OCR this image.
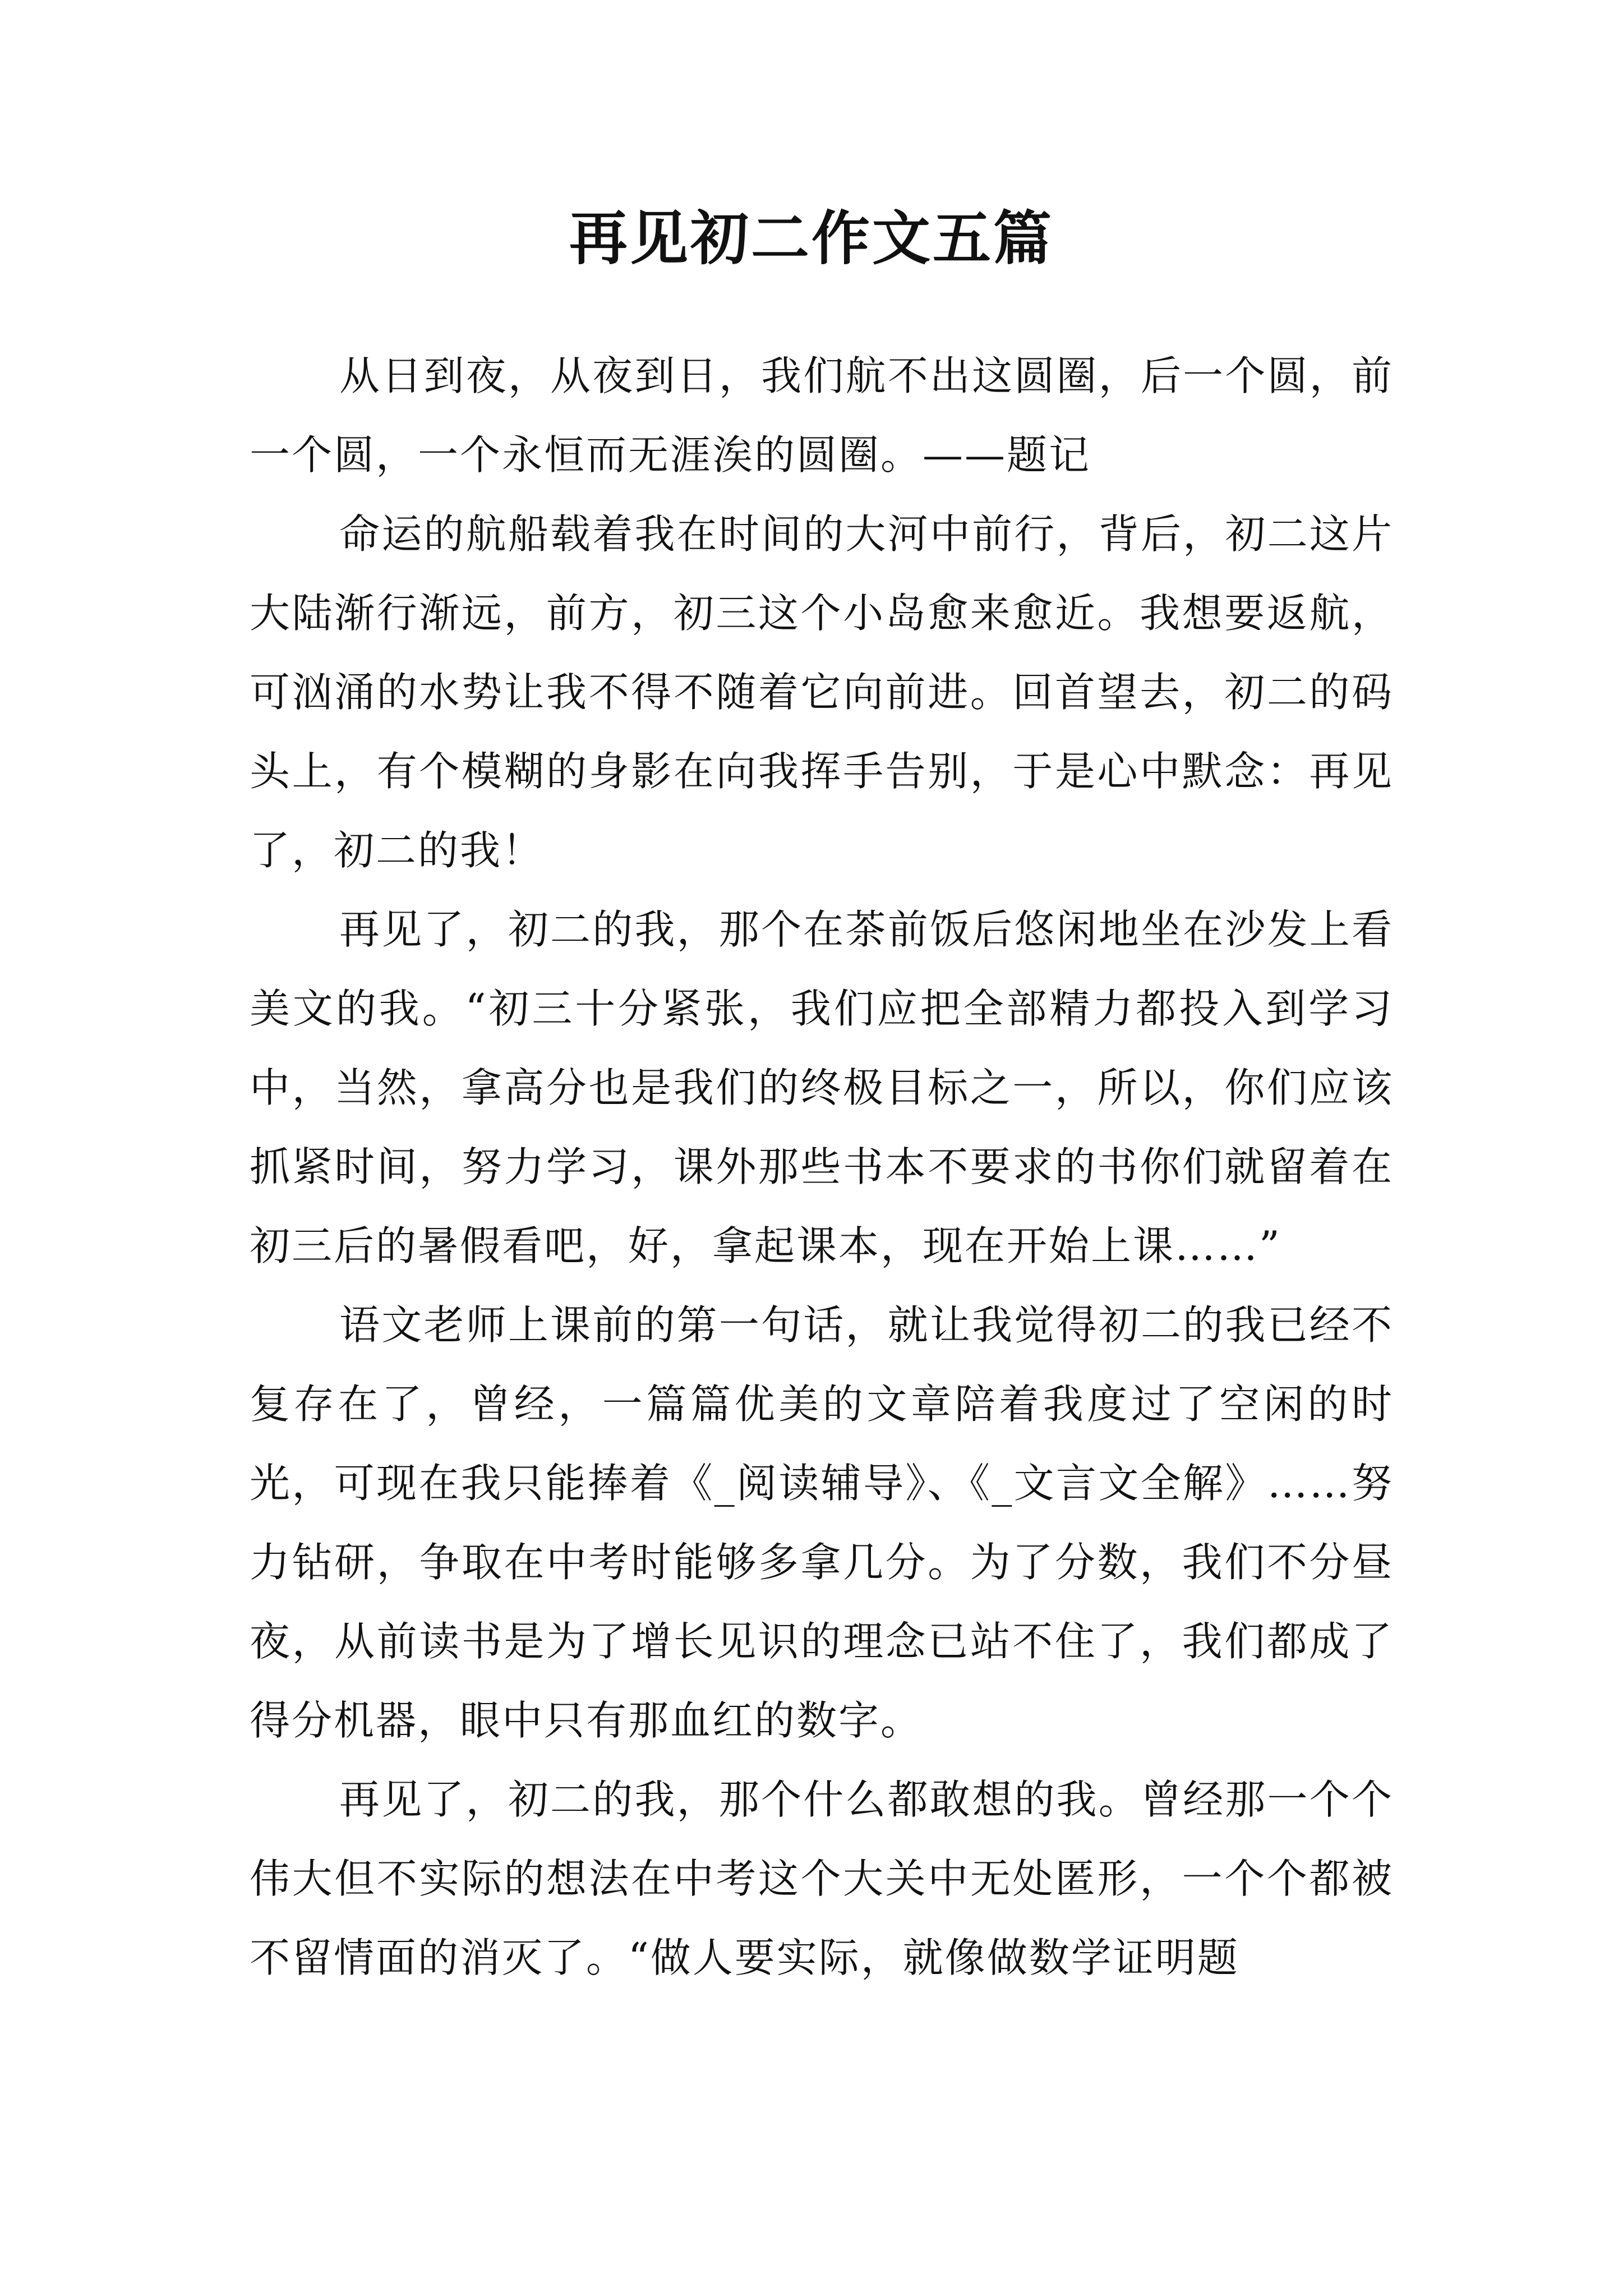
再见初二作文五篇

从日到夜，从夜到日，我们航不出这圆圈，后一个圆，前一个圆，一个永恒而无涯涘的圆圈。——题记

命运的航船载着我在时间的大河中前行，背后，初二这片大陆渐行渐远，前方，初三这个小岛愈来愈近。我想要返航，可汹涌的水势让我不得不随着它向前进。回首望去，初二的码头上，有个模糊的身影在向我挥手告别，于是心中默念：再见了，初二的我！

再见了，初二的我，那个在茶前饭后悠闲地坐在沙发上看美文的我。“初三十分紧张，我们应把全部精力都投入到学习中，当然，拿高分也是我们的终极目标之一，所以，你们应该抓紧时间，努力学习，课外那些书本不要求的书你们就留着在初三后的暑假看吧，好，拿起课本，现在开始上课……”

语文老师上课前的第一句话，就让我觉得初二的我已经不复存在了，曾经，一篇篇优美的文章陪着我度过了空闲的时光，可现在我只能捧着《_阅读辅导》、《_文言文全解》……努力钻研，争取在中考时能够多拿几分。为了分数，我们不分昼夜，从前读书是为了增长见识的理念已站不住了，我们都成了得分机器，眼中只有那血红的数字。

再见了，初二的我，那个什么都敢想的我。曾经那一个个伟大但不实际的想法在中考这个大关中无处匿形，一个个都被不留情面的消灭了。“做人要实际，就像做数学证明题
